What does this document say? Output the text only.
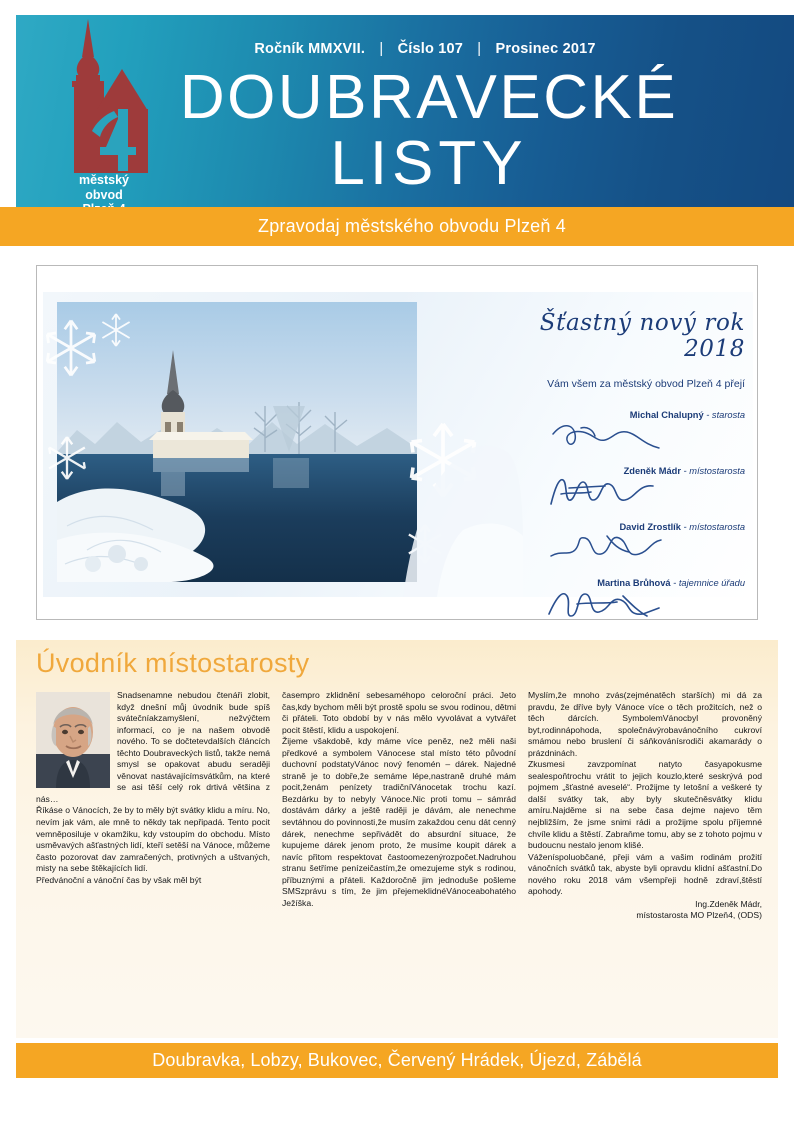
Ročník MMXVII. | Číslo 107 | Prosinec 2017
DOUBRAVECKÉ
LISTY
městský
obvod
Zpravodaj městského obvodu Plzeň 4
Šťastný nový rok 2018
Vám všem za městský obvod Plzeň 4 přejí
Michal Chalupný - starosta
Zdeněk Mádr - místostarosta
David Zrostlík - místostarosta
Martina Brůhová - tajemnice úřadu
Úvodník místostarosty

Snadsenamne nebudou čtenáři zlobit, když dnešní můj úvodník bude spíš svátečníakzamyšlení, nežvýčtem informací, co je na našem obvodě nového. To se dočtetevdalších článcích těchto Doubraveckých listů, takže nemá smysl se opakovat abudu seraději věnovat nastávajícímsvátkům, na které se asi těší celý rok drtivá většina z nás…

Říkáse o Vánocích, že by to měly být svátky klidu a míru. No, nevím jak vám, ale mně to někdy tak nepřipadá. Tento pocit vemněposiluje v okamžiku, kdy vstoupím do obchodu. Místo usměvavých ašťastných lidí, kteří setěší na Vánoce, můžeme často pozorovat dav zamračených, protivných a uštvaných, misty na sebe štěkajících lidí.

Předvánoční a vánoční čas by však měl být

časempro zklidnění sebesaméhopo celoroční práci. Jeto čas,kdy bychom měli být prostě spolu se svou rodinou, dětmi či přáteli. Toto období by v nás mělo vyvolávat a vytvářet pocit štěstí, klidu a uspokojení.

Žijeme všakdobě, kdy máme více peněz, než měli naši předkové a symbolem Vánocese stal místo této původní duchovní podstatyVánoc nový fenomén – dárek. Najedné straně je to dobře,že semáme lépe,nastraně druhé mám pocit,ženám penízety tradičníVánocetak trochu kazí. Bezdárku by to nebyly Vánoce.Nic proti tomu – sámrád dostávám dárky a ještě raději je dávám, ale nenechme sevtáhnou do povinnosti,že musím zakaždou cenu dát cenný dárek, nenechme sepřivádět do absurdní situace, že kupujeme dárek jenom proto, že musíme koupit dárek a navíc přitom respektovat častoomezenýrozpočet.Nadruhou stranu šetříme penízeičastím,že omezujeme styk s rodinou, příbuznými a přáteli. Každoročně jim jednoduše pošleme SMSzprávu s tím, že jim přejemeklidnéVánoceabohatého Ježíška.

Myslím,že mnoho zvás(zejménatěch starších) mi dá za pravdu, že dříve byly Vánoce více o těch prožitcích, než o těch dárcích. SymbolemVánocbyl provoněný byt,rodinnápohoda, společnávýrobavánočního cukroví smámou nebo bruslení či sáňkovánísrodiči akamarády o prázdninách.

Zkusmesi zavzpomínat natyto časyapokusme sealespoňtrochu vrátit to jejich kouzlo,které seskrývá pod pojmem „šťastné aveselé“. Prožijme ty letošní a veškeré ty další svátky tak, aby byly skutečněsvátky klidu amíru.Najděme si na sebe časa dejme najevo těm nejbližším, že jsme snimi rádi a prožijme spolu příjemné chvíle klidu a štěstí. Zabraňme tomu, aby se z tohoto pojmu v budoucnu nestalo jenom klišé.

Váženíspoluobčané, přeji vám a vašim rodinám prožití vánočních svátků tak, abyste byli opravdu klidní ašťastní.Do nového roku 2018 vám všempřeji hodně zdraví,štěstí apohody.

Ing.Zdeněk Mádr,
místostarosta MO Plzeň4, (ODS)
Doubravka, Lobzy, Bukovec, Červený Hrádek, Újezd, Zábělá
